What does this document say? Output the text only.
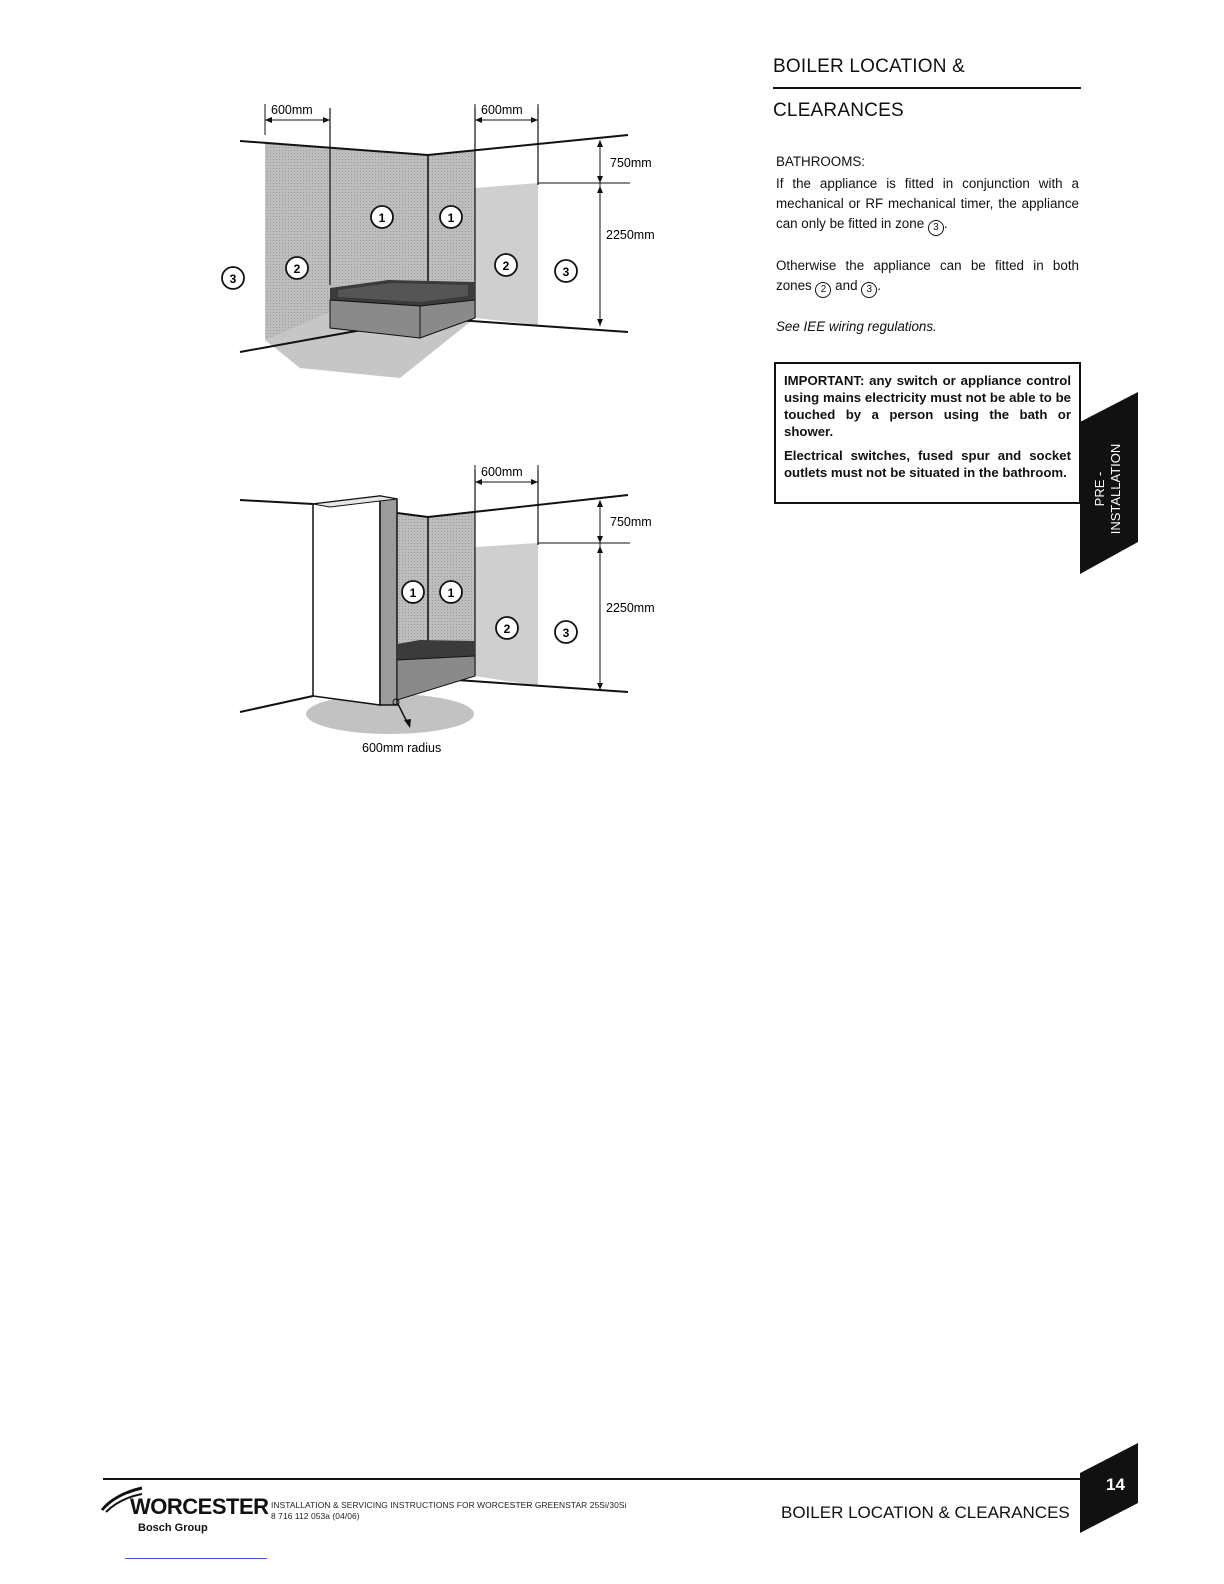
600mm	600mm
750mm
2250mm
1	1
2	2
3	3
600mm radius
600mm
750mm
2250mm
1	1
2	3
BOILER LOCATION &
CLEARANCES
BATHROOMS:
If the appliance is fitted in conjunction with a mechanical or RF mechanical timer, the appliance can only be fitted in zone 3 .
Otherwise the appliance can be fitted in both zones 2 and 3 .
See IEE wiring regulations.

IMPORTANT: any switch or appliance control using mains electricity must not be able to be touched by a person using the bath or shower.

Electrical switches, fused spur and socket outlets must not be situated in the bathroom.	PRE - INSTALLATION
WORCESTER
Bosch Group
INSTALLATION & SERVICING INSTRUCTIONS FOR WORCESTER GREENSTAR 25Si/30Si
8 716 112 053a (04/06)	BOILER LOCATION & CLEARANCES
14
